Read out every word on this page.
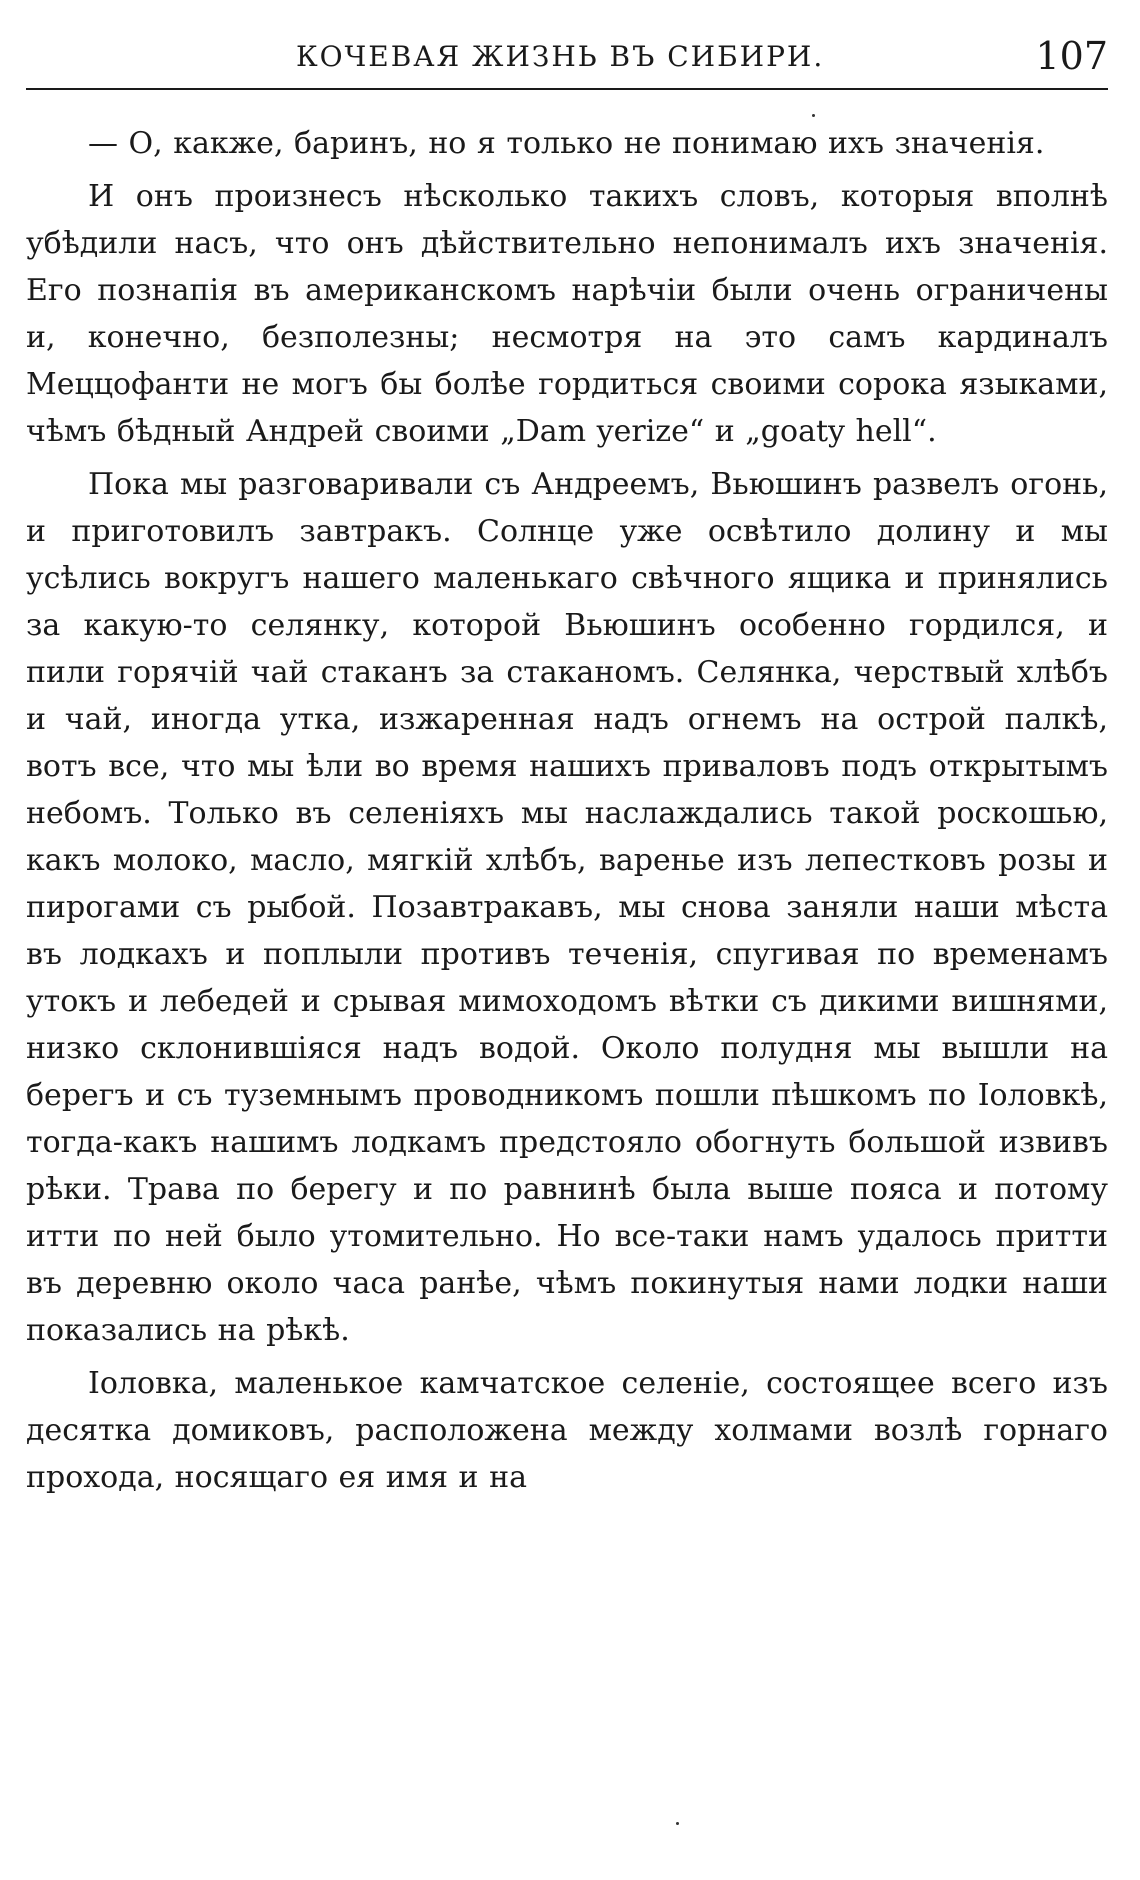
КОЧЕВАЯ ЖИЗНЬ ВЪ СИБИРИ.	107

— О, какже, баринъ, но я только не понимаю ихъ значенія.

И онъ произнесъ нѣсколько такихъ словъ, которыя вполнѣ убѣдили насъ, что онъ дѣйствительно непонималъ ихъ значенія. Его познапія въ американскомъ нарѣчіи были очень ограничены и, конечно, безполезны; несмотря на это самъ кардиналъ Меццофанти не могъ бы болѣе гордиться своими сорока языками, чѣмъ бѣдный Андрей своими „Dam yerize“ и „goaty hell“.

Пока мы разговаривали съ Андреемъ, Вьюшинъ развелъ огонь, и приготовилъ завтракъ. Солнце уже освѣтило долину и мы усѣлись вокругъ нашего маленькаго свѣчного ящика и принялись за какую-то селянку, которой Вьюшинъ особенно гордился, и пили горячій чай стаканъ за стаканомъ. Селянка, черствый хлѣбъ и чай, иногда утка, изжаренная надъ огнемъ на острой палкѣ, вотъ все, что мы ѣли во время нашихъ приваловъ подъ открытымъ небомъ. Только въ селеніяхъ мы наслаждались такой роскошью, какъ молоко, масло, мягкій хлѣбъ, варенье изъ лепестковъ розы и пирогами съ рыбой. Позавтракавъ, мы снова заняли наши мѣста въ лодкахъ и поплыли противъ теченія, спугивая по временамъ утокъ и лебедей и срывая мимоходомъ вѣтки съ дикими вишнями, низко склонившіяся надъ водой. Около полудня мы вышли на берегъ и съ туземнымъ проводникомъ пошли пѣшкомъ по Іоловкѣ, тогда-какъ нашимъ лодкамъ предстояло обогнуть большой извивъ рѣки. Трава по берегу и по равнинѣ была выше пояса и потому итти по ней было утомительно. Но все-таки намъ удалось притти въ деревню около часа ранѣе, чѣмъ покинутыя нами лодки наши показались на рѣкѣ.

Іоловка, маленькое камчатское селеніе, состоящее всего изъ десятка домиковъ, расположена между холмами возлѣ горнаго прохода, носящаго ея имя и на
